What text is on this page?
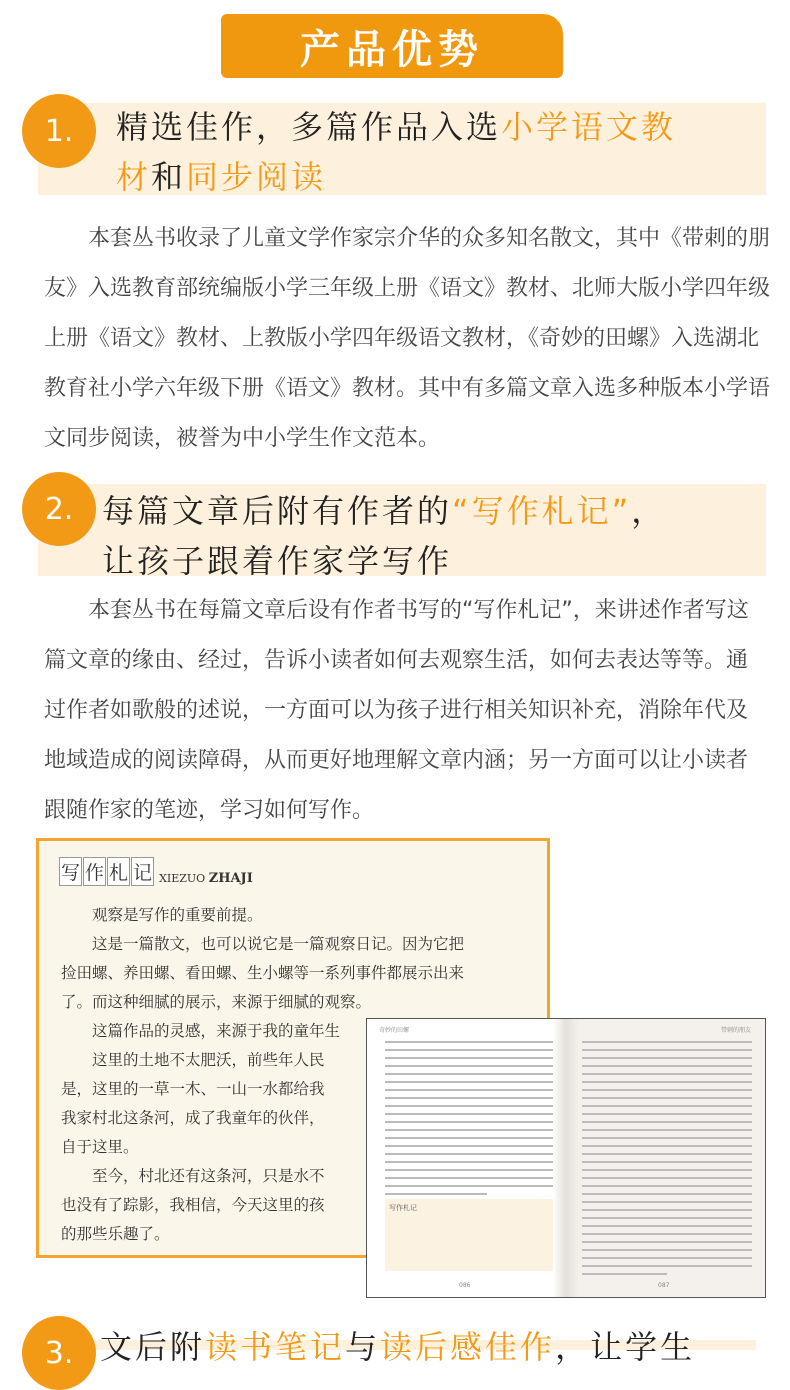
产品优势
1.	精选佳作，多篇作品入选小学语文教
材和同步阅读

本套丛书收录了儿童文学作家宗介华的众多知名散文，其中《带刺的朋友》入选教育部统编版小学三年级上册《语文》教材、北师大版小学四年级上册《语文》教材、上教版小学四年级语文教材，《奇妙的田螺》入选湖北教育社小学六年级下册《语文》教材。其中有多篇文章入选多种版本小学语文同步阅读，被誉为中小学生作文范本。

2. 每篇文章后附有作者的“写作札记”，
让孩子跟着作家学写作

本套丛书在每篇文章后设有作者书写的“写作札记”，来讲述作者写这篇文章的缘由、经过，告诉小读者如何去观察生活，如何去表达等等。通过作者如歌般的述说，一方面可以为孩子进行相关知识补充，消除年代及地域造成的阅读障碍，从而更好地理解文章内涵；另一方面可以让小读者跟随作家的笔迹，学习如何写作。

写 作 札 记 XIEZUO ZHAJI
　　观察是写作的重要前提。
　　这是一篇散文，也可以说它是一篇观察日记。因为它把
捡田螺、养田螺、看田螺、生小螺等一系列事件都展示出来
了。而这种细腻的展示，来源于细腻的观察。
　　这篇作品的灵感，来源于我的童年生
　　这里的土地不太肥沃，前些年人民
是，这里的一草一木、一山一水都给我
我家村北这条河，成了我童年的伙伴，
自于这里。
　　至今，村北还有这条河，只是水不
也没有了踪影，我相信，今天这里的孩
的那些乐趣了。
奇妙的田螺
写作札记
086
带刺的朋友
087
3. 文后附读书笔记与读后感佳作，让学生
